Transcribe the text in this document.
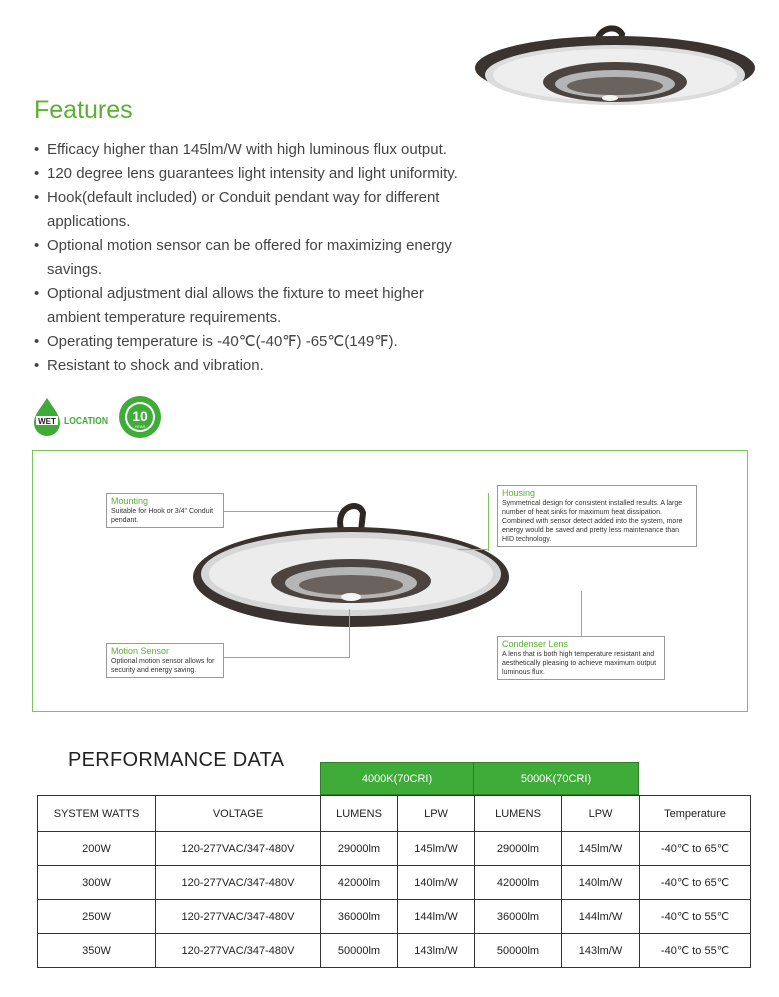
Features
• Efficacy higher than 145lm/W with high luminous flux output.
• 120 degree lens guarantees light intensity and light uniformity.
• Hook(default included) or Conduit pendant way for different applications.
• Optional motion sensor can be offered for maximizing energy savings.
• Optional adjustment dial allows the fixture to meet higher ambient temperature requirements.
• Operating temperature is -40℃(-40℉) -65℃(149℉).
• Resistant to shock and vibration.
WET LOCATION 10
YEAR
Mounting
Suitable for Hook or 3/4" Conduit pendant.
Housing
Symmetrical design for consistent installed results. A large number of heat sinks for maximum heat dissipation. Combined with sensor detect added into the system, more energy would be saved and pretty less maintenance than HID technology.
Motion Sensor
Optional motion sensor allows for security and energy saving.
Condenser Lens
A lens that is both high temperature resistant and aesthetically pleasing to achieve maximum output luminous flux.
PERFORMANCE DATA
4000K(70CRI)	5000K(70CRI)
SYSTEM WATTS	VOLTAGE	LUMENS	LPW	LUMENS	LPW	Temperature
200W	120-277VAC/347-480V	29000lm	145lm/W	29000lm	145lm/W	-40℃ to 65℃
300W	120-277VAC/347-480V	42000lm	140lm/W	42000lm	140lm/W	-40℃ to 65℃
250W	120-277VAC/347-480V	36000lm	144lm/W	36000lm	144lm/W	-40℃ to 55℃
350W	120-277VAC/347-480V	50000lm	143lm/W	50000lm	143lm/W	-40℃ to 55℃
